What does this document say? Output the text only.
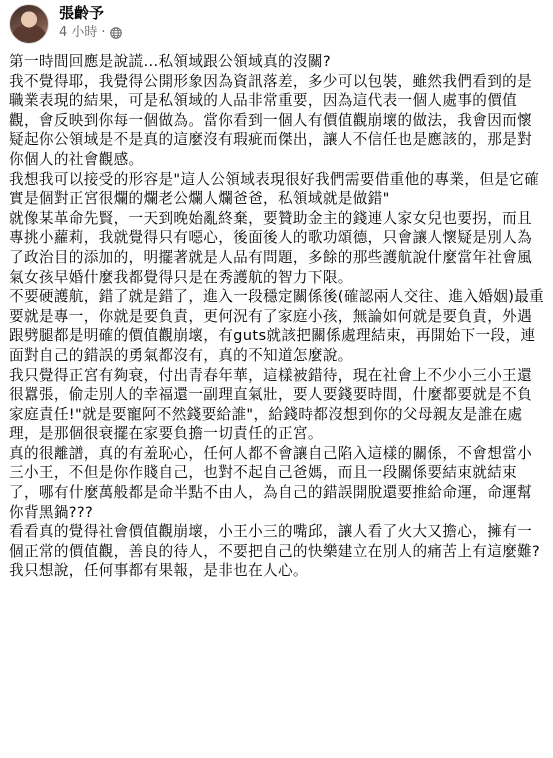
張齡予
4 小時 ·

第一時間回應是說謊...私領域跟公領域真的沒關?

我不覺得耶，我覺得公開形象因為資訊落差，多少可以包裝，雖然我們看到的是職業表現的結果，可是私領域的人品非常重要，因為這代表一個人處事的價值觀，會反映到你每一個做為。當你看到一個人有價值觀崩壞的做法，我會因而懷疑起你公領域是不是真的這麼沒有瑕疵而傑出，讓人不信任也是應該的，那是對你個人的社會觀感。

我想我可以接受的形容是"這人公領域表現很好我們需要借重他的專業，但是它確實是個對正宮很爛的爛老公爛人爛爸爸，私領域就是做錯"

就像某革命先賢，一天到晚始亂終棄，要贊助金主的錢連人家女兒也要拐，而且專挑小蘿莉，我就覺得只有噁心，後面後人的歌功頌德，只會讓人懷疑是別人為了政治目的添加的，明擺著就是人品有問題，多餘的那些護航說什麼當年社會風氣女孩早婚什麼我都覺得只是在秀護航的智力下限。

不要硬護航，錯了就是錯了，進入一段穩定關係後(確認兩人交往、進入婚姻)最重要就是專一，你就是要負責，更何況有了家庭小孩，無論如何就是要負責，外遇跟劈腿都是明確的價值觀崩壞，有guts就該把關係處理結束，再開始下一段，連面對自己的錯誤的勇氣都沒有，真的不知道怎麼說。

我只覺得正宮有夠衰，付出青春年華，這樣被錯待，現在社會上不少小三小王還很囂張，偷走別人的幸福還一副理直氣壯，要人要錢要時間，什麼都要就是不負家庭責任!"就是要寵阿不然錢要給誰"，給錢時都沒想到你的父母親友是誰在處理，是那個很衰擺在家要負擔一切責任的正宮。

真的很離譜，真的有羞恥心，任何人都不會讓自己陷入這樣的關係，不會想當小三小王，不但是你作賤自己，也對不起自己爸媽，而且一段關係要結束就結束了，哪有什麼萬般都是命半點不由人，為自己的錯誤開脫還要推給命運，命運幫你背黑鍋???

看看真的覺得社會價值觀崩壞，小王小三的嘴邱，讓人看了火大又擔心，擁有一個正常的價值觀，善良的待人，不要把自己的快樂建立在別人的痛苦上有這麼難?

我只想說，任何事都有果報，是非也在人心。
